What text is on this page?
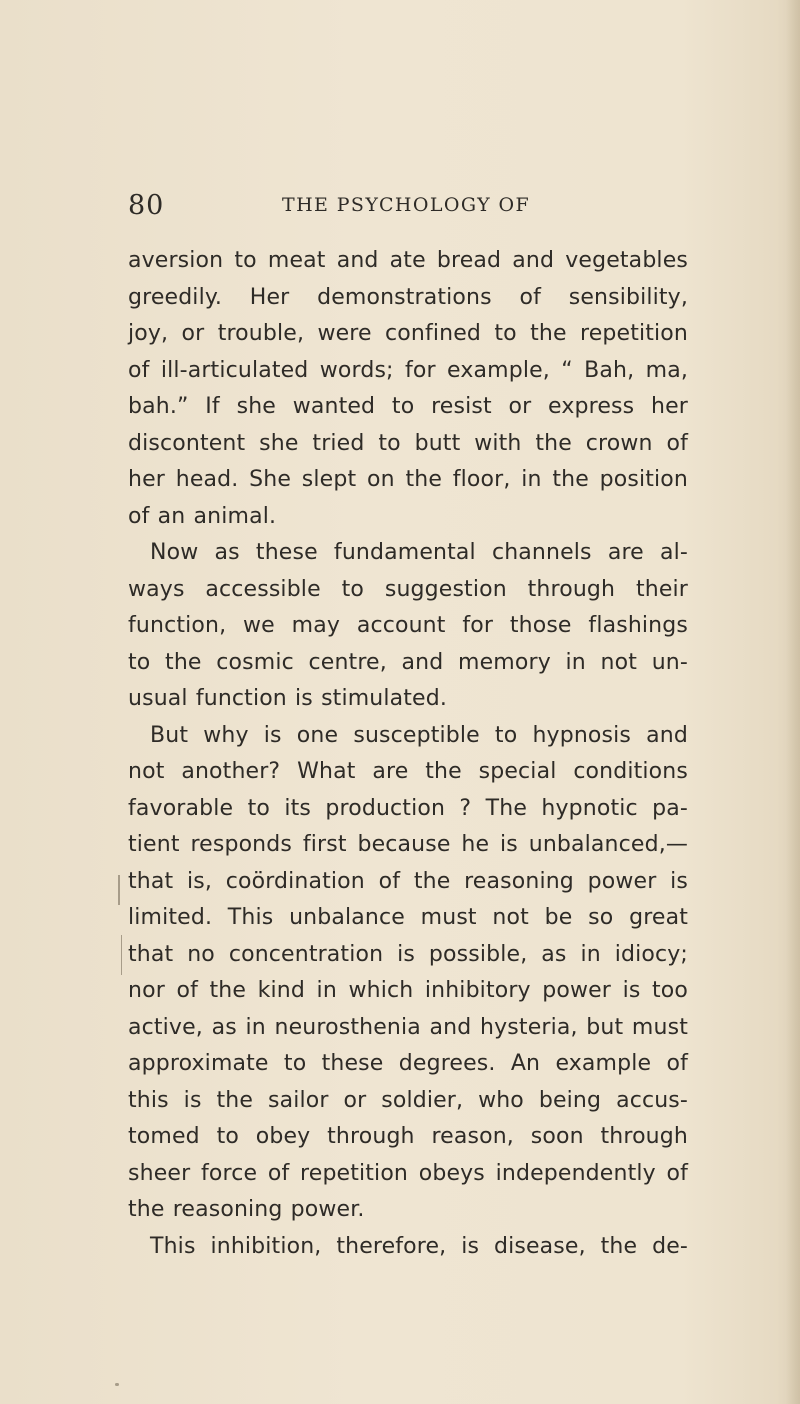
80	THE PSYCHOLOGY OF
aversion to meat and ate bread and vegetables
greedily. Her demonstrations of sensibility,
joy, or trouble, were confined to the repetition
of ill-articulated words; for example, “ Bah, ma,
bah.” If she wanted to resist or express her
discontent she tried to butt with the crown of
her head. She slept on the floor, in the position
of an animal.
Now as these fundamental channels are al-
ways accessible to suggestion through their
function, we may account for those flashings
to the cosmic centre, and memory in not un-
usual function is stimulated.
But why is one susceptible to hypnosis and
not another? What are the special conditions
favorable to its production ? The hypnotic pa-
tient responds first because he is unbalanced,—
that is, coördination of the reasoning power is
limited. This unbalance must not be so great
that no concentration is possible, as in idiocy;
nor of the kind in which inhibitory power is too
active, as in neurosthenia and hysteria, but must
approximate to these degrees. An example of
this is the sailor or soldier, who being accus-
tomed to obey through reason, soon through
sheer force of repetition obeys independently of
the reasoning power.
This inhibition, therefore, is disease, the de-
